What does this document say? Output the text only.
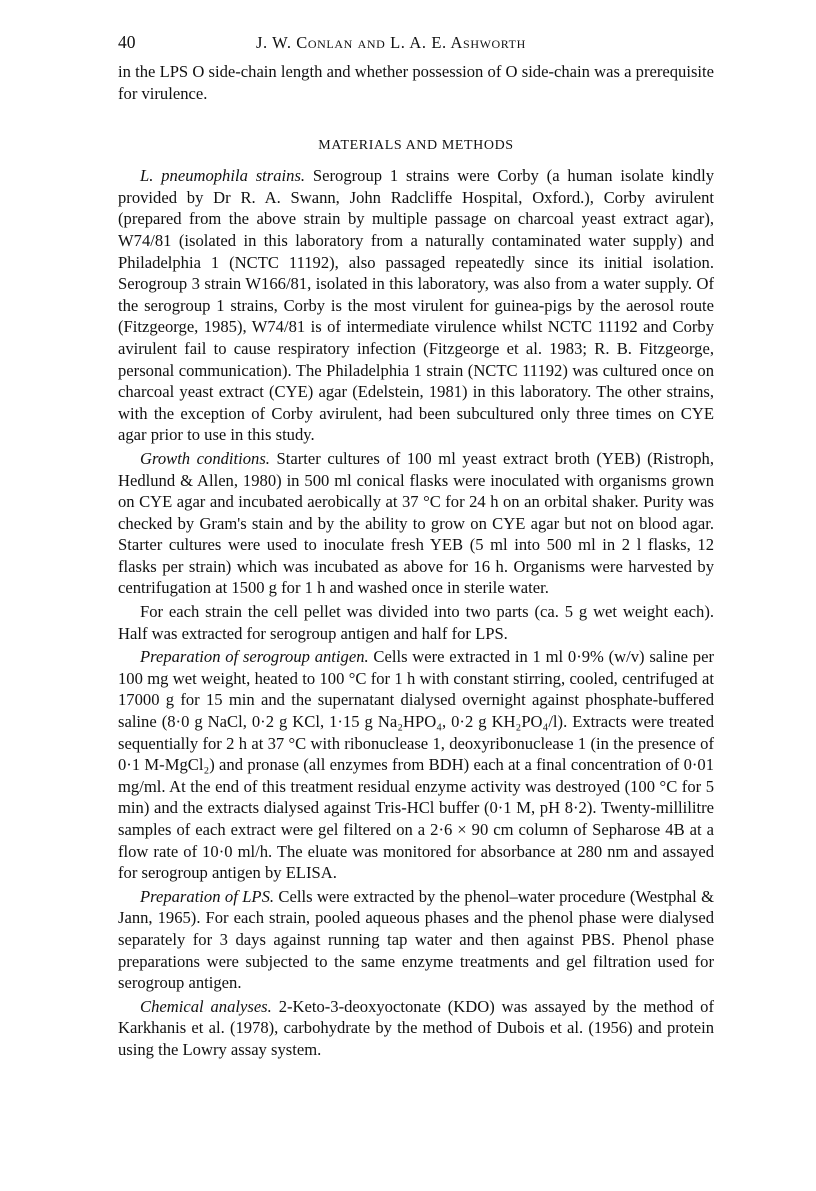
40	J. W. Conlan and L. A. E. Ashworth

in the LPS O side-chain length and whether possession of O side-chain was a prerequisite for virulence.

MATERIALS AND METHODS

L. pneumophila strains. Serogroup 1 strains were Corby (a human isolate kindly provided by Dr R. A. Swann, John Radcliffe Hospital, Oxford.), Corby avirulent (prepared from the above strain by multiple passage on charcoal yeast extract agar), W74/81 (isolated in this laboratory from a naturally contaminated water supply) and Philadelphia 1 (NCTC 11192), also passaged repeatedly since its initial isolation. Serogroup 3 strain W166/81, isolated in this laboratory, was also from a water supply. Of the serogroup 1 strains, Corby is the most virulent for guinea-pigs by the aerosol route (Fitzgeorge, 1985), W74/81 is of intermediate virulence whilst NCTC 11192 and Corby avirulent fail to cause respiratory infection (Fitzgeorge et al. 1983; R. B. Fitzgeorge, personal communication). The Philadelphia 1 strain (NCTC 11192) was cultured once on charcoal yeast extract (CYE) agar (Edelstein, 1981) in this laboratory. The other strains, with the exception of Corby avirulent, had been subcultured only three times on CYE agar prior to use in this study.

Growth conditions. Starter cultures of 100 ml yeast extract broth (YEB) (Ristroph, Hedlund & Allen, 1980) in 500 ml conical flasks were inoculated with organisms grown on CYE agar and incubated aerobically at 37 °C for 24 h on an orbital shaker. Purity was checked by Gram's stain and by the ability to grow on CYE agar but not on blood agar. Starter cultures were used to inoculate fresh YEB (5 ml into 500 ml in 2 l flasks, 12 flasks per strain) which was incubated as above for 16 h. Organisms were harvested by centrifugation at 1500 g for 1 h and washed once in sterile water.

For each strain the cell pellet was divided into two parts (ca. 5 g wet weight each). Half was extracted for serogroup antigen and half for LPS.

Preparation of serogroup antigen. Cells were extracted in 1 ml 0·9% (w/v) saline per 100 mg wet weight, heated to 100 °C for 1 h with constant stirring, cooled, centrifuged at 17000 g for 15 min and the supernatant dialysed overnight against phosphate-buffered saline (8·0 g NaCl, 0·2 g KCl, 1·15 g Na₂HPO₄, 0·2 g KH₂PO₄/l). Extracts were treated sequentially for 2 h at 37 °C with ribonuclease 1, deoxyribonuclease 1 (in the presence of 0·1 M-MgCl₂) and pronase (all enzymes from BDH) each at a final concentration of 0·01 mg/ml. At the end of this treatment residual enzyme activity was destroyed (100 °C for 5 min) and the extracts dialysed against Tris-HCl buffer (0·1 M, pH 8·2). Twenty-millilitre samples of each extract were gel filtered on a 2·6 × 90 cm column of Sepharose 4B at a flow rate of 10·0 ml/h. The eluate was monitored for absorbance at 280 nm and assayed for serogroup antigen by ELISA.

Preparation of LPS. Cells were extracted by the phenol–water procedure (Westphal & Jann, 1965). For each strain, pooled aqueous phases and the phenol phase were dialysed separately for 3 days against running tap water and then against PBS. Phenol phase preparations were subjected to the same enzyme treatments and gel filtration used for serogroup antigen.

Chemical analyses. 2-Keto-3-deoxyoctonate (KDO) was assayed by the method of Karkhanis et al. (1978), carbohydrate by the method of Dubois et al. (1956) and protein using the Lowry assay system.
